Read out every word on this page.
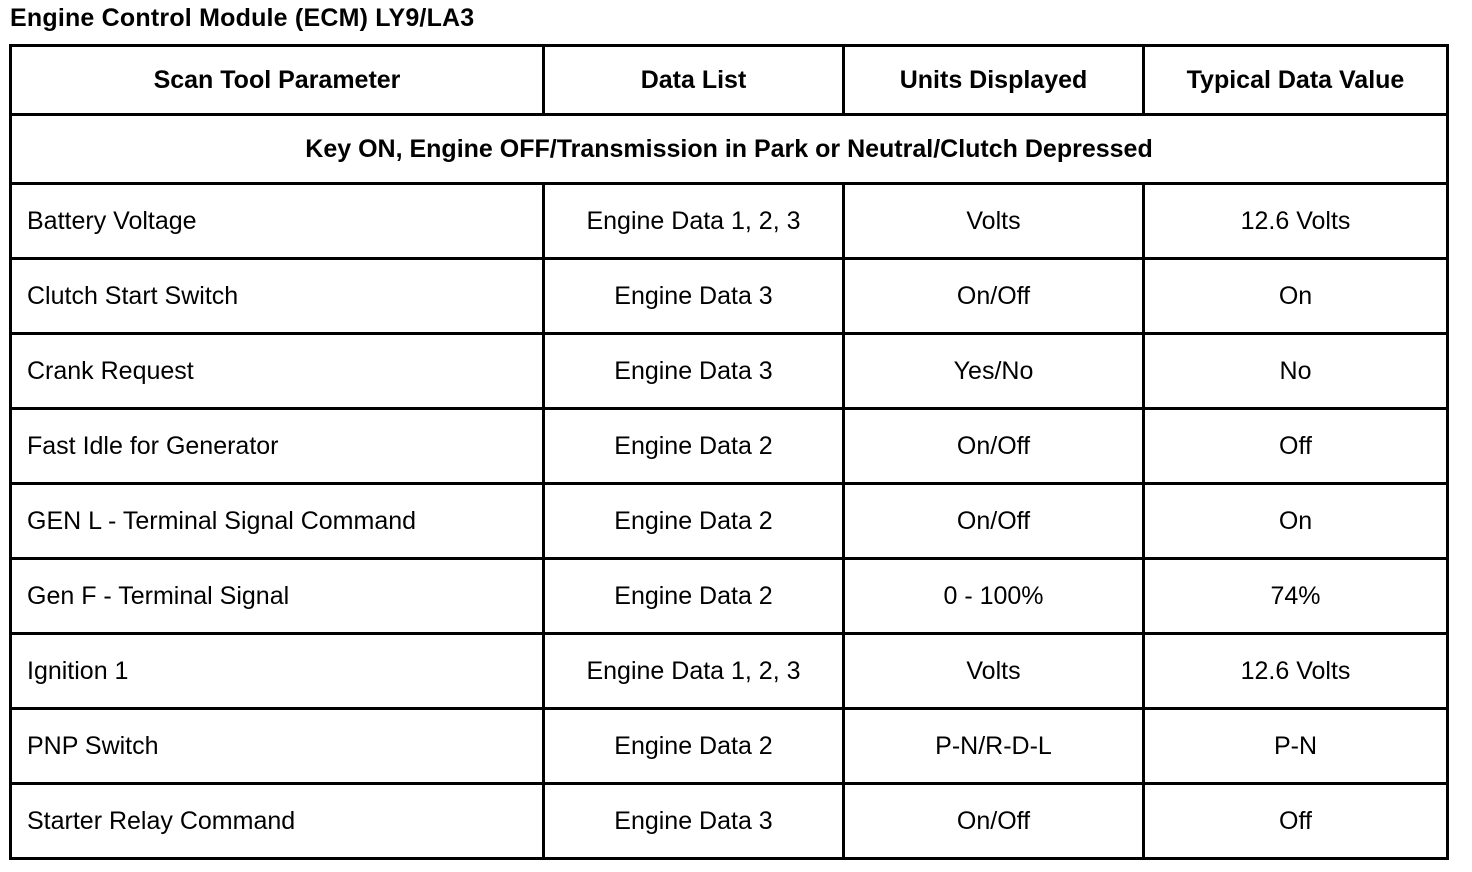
Engine Control Module (ECM) LY9/LA3
Scan Tool Parameter	Data List	Units Displayed	Typical Data Value
Key ON, Engine OFF/Transmission in Park or Neutral/Clutch Depressed			
Battery Voltage	Engine Data 1, 2, 3	Volts	12.6 Volts
Clutch Start Switch	Engine Data 3	On/Off	On
Crank Request	Engine Data 3	Yes/No	No
Fast Idle for Generator	Engine Data 2	On/Off	Off
GEN L - Terminal Signal Command	Engine Data 2	On/Off	On
Gen F - Terminal Signal	Engine Data 2	0 - 100%	74%
Ignition 1	Engine Data 1, 2, 3	Volts	12.6 Volts
PNP Switch	Engine Data 2	P-N/R-D-L	P-N
Starter Relay Command	Engine Data 3	On/Off	Off
